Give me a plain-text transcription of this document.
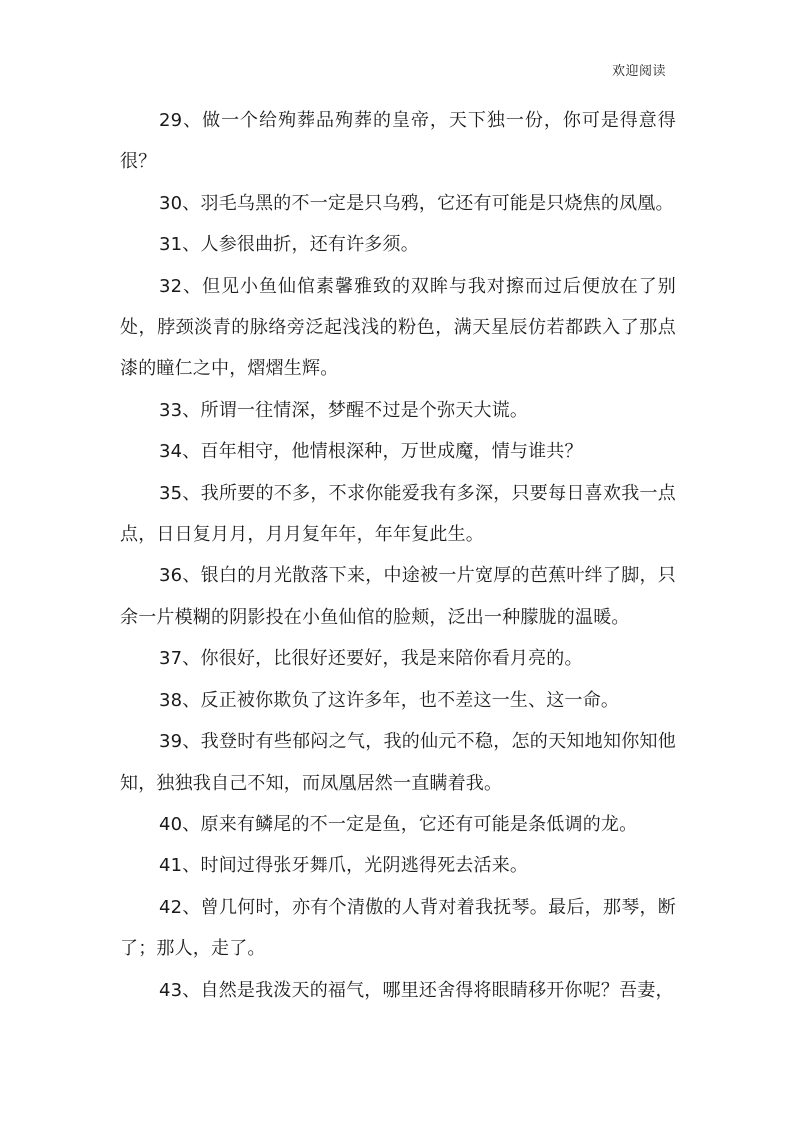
欢迎阅读

29、做一个给殉葬品殉葬的皇帝，天下独一份，你可是得意得很？

30、羽毛乌黑的不一定是只乌鸦，它还有可能是只烧焦的凤凰。

31、人参很曲折，还有许多须。

32、但见小鱼仙倌素馨雅致的双眸与我对擦而过后便放在了别处，脖颈淡青的脉络旁泛起浅浅的粉色，满天星辰仿若都跌入了那点漆的瞳仁之中，熠熠生辉。

33、所谓一往情深，梦醒不过是个弥天大谎。

34、百年相守，他情根深种，万世成魔，情与谁共？

35、我所要的不多，不求你能爱我有多深，只要每日喜欢我一点点，日日复月月，月月复年年，年年复此生。

36、银白的月光散落下来，中途被一片宽厚的芭蕉叶绊了脚，只余一片模糊的阴影投在小鱼仙倌的脸颊，泛出一种朦胧的温暖。

37、你很好，比很好还要好，我是来陪你看月亮的。

38、反正被你欺负了这许多年，也不差这一生、这一命。

39、我登时有些郁闷之气，我的仙元不稳，怎的天知地知你知他知，独独我自己不知，而凤凰居然一直瞒着我。

40、原来有鳞尾的不一定是鱼，它还有可能是条低调的龙。

41、时间过得张牙舞爪，光阴逃得死去活来。

42、曾几何时，亦有个清傲的人背对着我抚琴。最后，那琴，断了；那人，走了。

43、自然是我泼天的福气，哪里还舍得将眼睛移开你呢？吾妻，
